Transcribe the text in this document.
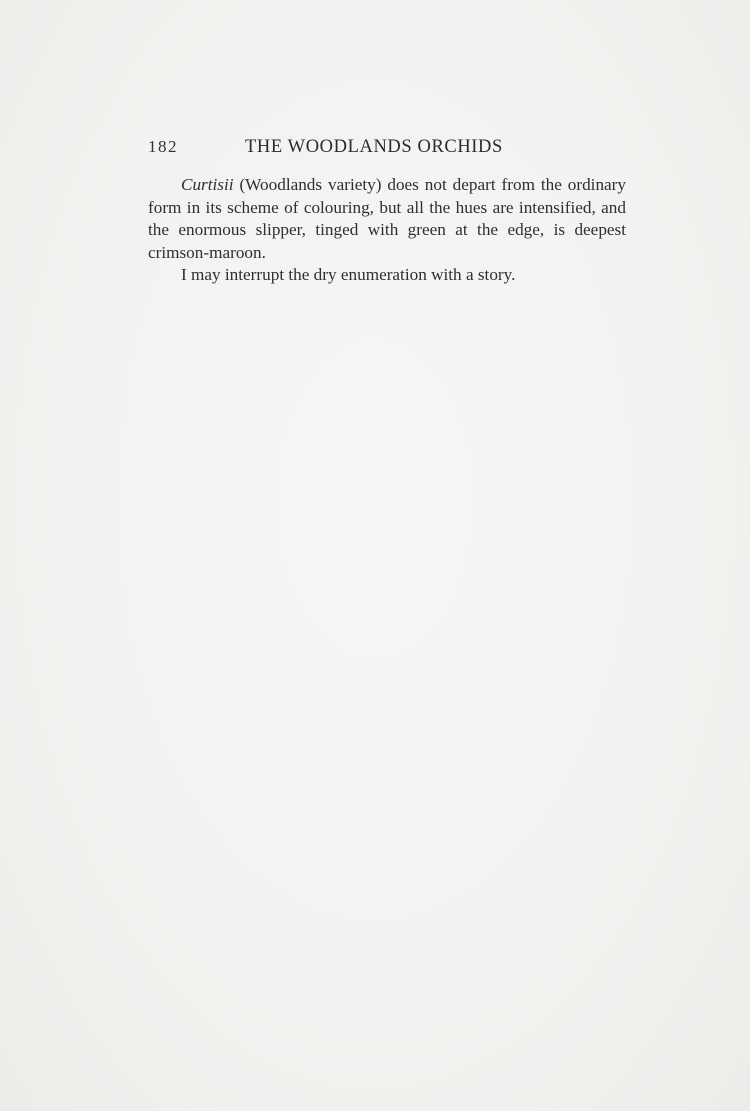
182	THE WOODLANDS ORCHIDS

Curtisii (Woodlands variety) does not depart from the ordinary form in its scheme of colouring, but all the hues are intensified, and the enormous slipper, tinged with green at the edge, is deepest crimson-maroon.

I may interrupt the dry enumeration with a story.
